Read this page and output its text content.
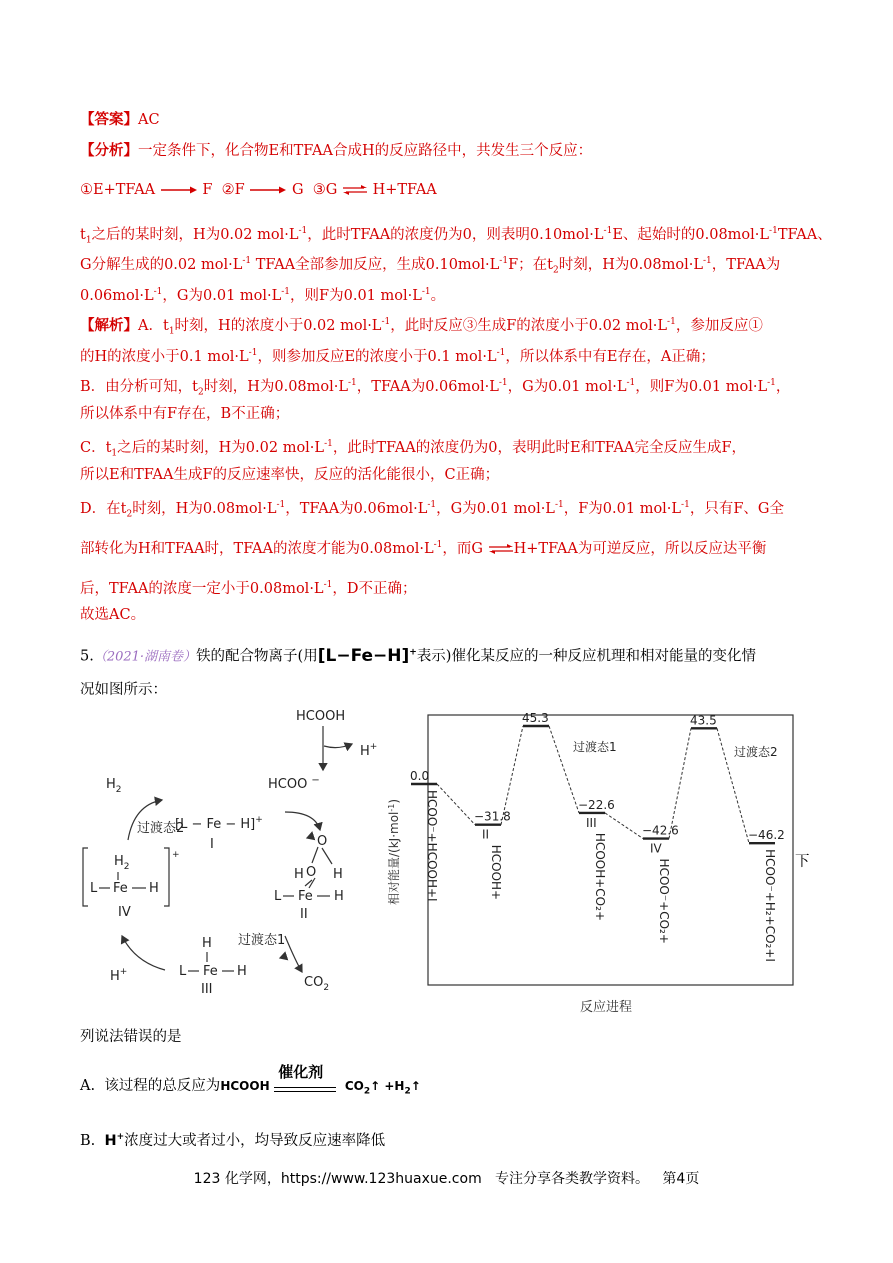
【答案】AC
【分析】一定条件下，化合物E和TFAA合成H的反应路径中，共发生三个反应：
①E+TFAA	F ②F	G ③G ⇌ H+TFAA
$t_1$之后的某时刻，H为0.02 $mol\cdot L^{-1}$，此时TFAA的浓度仍为0，则表明$0.10mol\cdot L^{-1}E$、起始时的$0.08mol\cdot L^{-1}TFAA$、
G分解生成的0.02 $mol\cdot L^{-1}$ TFAA全部参加反应，生成$0.10mol\cdot L^{-1}F$；在$t_2$时刻，H为$0.08mol\cdot L^{-1}$，TFAA为
$0.06mol\cdot L^{-1}$，G为0.01 $mol\cdot L^{-1}$，则F为0.01 $mol\cdot L^{-1}$。
【解析】A．$t_1$时刻，H的浓度小于0.02 $mol\cdot L^{-1}$，此时反应③生成F的浓度小于0.02 $mol\cdot L^{-1}$，参加反应①
的H的浓度小于0.1 $mol\cdot L^{-1}$，则参加反应E的浓度小于0.1 $mol\cdot L^{-1}$，所以体系中有E存在，A正确；
B．由分析可知，$t_2$时刻，H为$0.08mol\cdot L^{-1}$，TFAA为$0.06mol\cdot L^{-1}$，G为0.01 $mol\cdot L^{-1}$，则F为0.01 $mol\cdot L^{-1}$，
所以体系中有F存在，B不正确；
C．$t_1$之后的某时刻，H为0.02 $mol\cdot L^{-1}$，此时TFAA的浓度仍为0，表明此时E和TFAA完全反应生成F，
所以E和TFAA生成F的反应速率快，反应的活化能很小，C正确；
D．在$t_2$时刻，H为$0.08mol\cdot L^{-1}$，TFAA为$0.06mol\cdot L^{-1}$，G为0.01 $mol\cdot L^{-1}$，F为0.01 $mol\cdot L^{-1}$，只有F、G全
部转化为H和TFAA时，TFAA的浓度才能为$0.08mol\cdot L^{-1}$，而G ⇌H+TFAA为可逆反应，所以反应达平衡
后，TFAA的浓度一定小于$0.08mol\cdot L^{-1}$，D不正确；
故选AC。
5.（2021·湖南卷）铁的配合物离子(用[L−Fe−H]+表示)催化某反应的一种反应机理和相对能量的变化情
况如图所示：
HCOOH
H+
HCOO −
$H_2$
[L − Fe − H]+
I
过渡态2
O
H O
L Fe H
H
II
过渡态1
H
L Fe H
III	$CO_2$
H+
$H_2$
L Fe H
+
IV
相对能量/(kJ·mol$^{-1}$)
反应进程
0.0
HCOO⁻+HCOOH+I	−31.8
II
HCOOH+
45.3
−22.6
III
HCOOH+CO₂+
−42.6
IV
HCOO⁻+CO₂+
43.5
−46.2
HCOO⁻+H₂+CO₂+I
过渡态1	过渡态2
下
列说法错误的是
A. 该过程的总反应为HCOOH
催化剂
$CO_2↑$ $+H_2↑$
B. H+浓度过大或者过小，均导致反应速率降低
123 化学网，https://www.123huaxue.com   专注分享各类教学资料。   第4页
